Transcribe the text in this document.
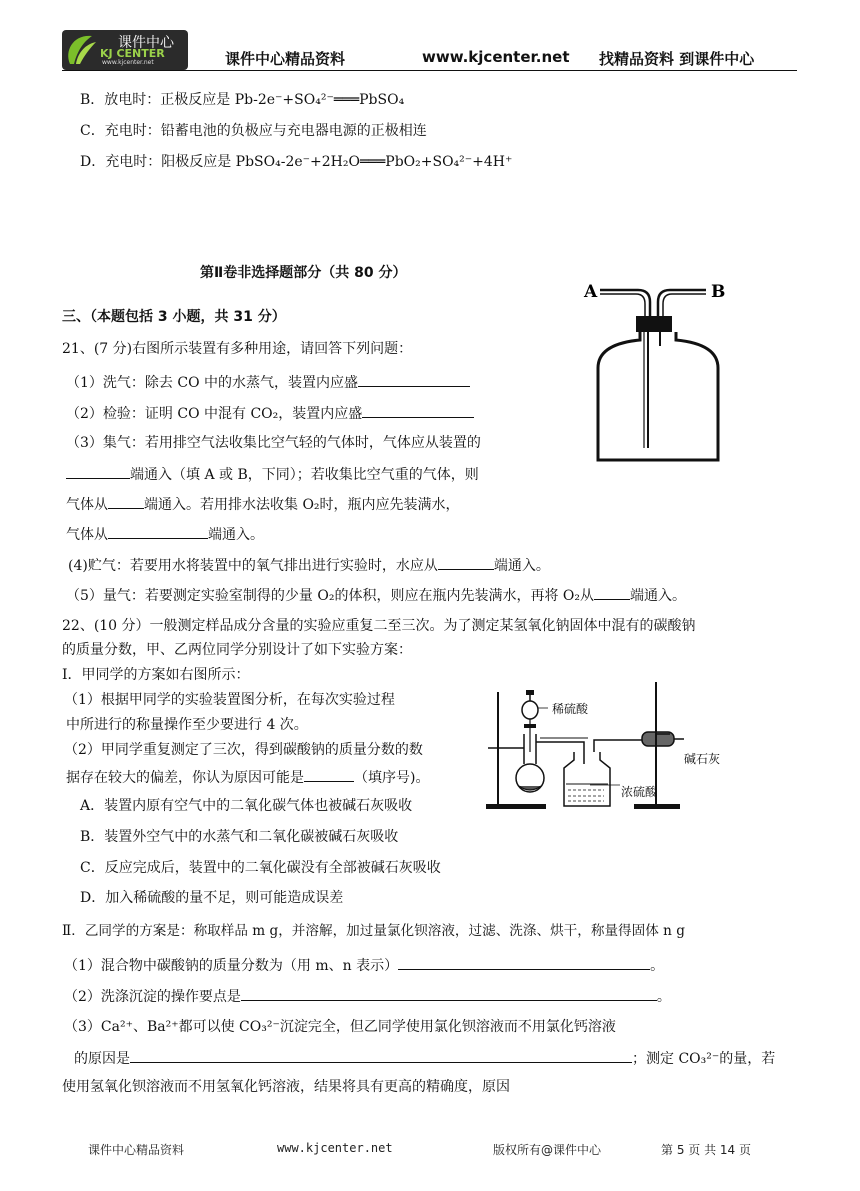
课件中心
KJ CENTER
www.kjcenter.net	课件中心精品资料	www.kjcenter.net 找精品资料 到课件中心
B．放电时：正极反应是 Pb-2e⁻+SO₄²⁻═══PbSO₄
C．充电时：铅蓄电池的负极应与充电器电源的正极相连
D．充电时：阳极反应是 PbSO₄-2e⁻+2H₂O═══PbO₂+SO₄²⁻+4H⁺
第Ⅱ卷非选择题部分（共 80 分）
三、（本题包括 3 小题，共 31 分）
21、(7 分)右图所示装置有多种用途，请回答下列问题：
（1）洗气：除去 CO 中的水蒸气，装置内应盛
（2）检验：证明 CO 中混有 CO₂，装置内应盛
（3）集气：若用排空气法收集比空气轻的气体时，气体应从装置的
端通入（填 A 或 B，下同）；若收集比空气重的气体，则
气体从	端通入。若用排水法收集 O₂时，瓶内应先装满水，
气体从	端通入。
(4)贮气：若要用水将装置中的氧气排出进行实验时，水应从	端通入。
（5）量气：若要测定实验室制得的少量 O₂的体积，则应在瓶内先装满水，再将 O₂从	端通入。
A	B
22、(10 分）一般测定样品成分含量的实验应重复二至三次。为了测定某氢氧化钠固体中混有的碳酸钠
的质量分数，甲、乙两位同学分别设计了如下实验方案：
Ⅰ．甲同学的方案如右图所示：
（1）根据甲同学的实验装置图分析，在每次实验过程
中所进行的称量操作至少要进行 4 次。
（2）甲同学重复测定了三次，得到碳酸钠的质量分数的数
据存在较大的偏差，你认为原因可能是	（填序号)。
A．装置内原有空气中的二氧化碳气体也被碱石灰吸收
B．装置外空气中的水蒸气和二氧化碳被碱石灰吸收
C．反应完成后，装置中的二氧化碳没有全部被碱石灰吸收
D．加入稀硫酸的量不足，则可能造成误差
Ⅱ．乙同学的方案是：称取样品 m g，并溶解，加过量氯化钡溶液，过滤、洗涤、烘干，称量得固体 n g
（1）混合物中碳酸钠的质量分数为（用 m、n 表示）	。
（2）洗涤沉淀的操作要点是	。
（3）Ca²⁺、Ba²⁺都可以使 CO₃²⁻沉淀完全，但乙同学使用氯化钡溶液而不用氯化钙溶液
的原因是	；测定 CO₃²⁻的量，若
使用氢氧化钡溶液而不用氢氧化钙溶液，结果将具有更高的精确度，原因
稀硫酸
碱石灰
浓硫酸
课件中心精品资料	www.kjcenter.net	版权所有@课件中心	第 5 页 共 14 页
